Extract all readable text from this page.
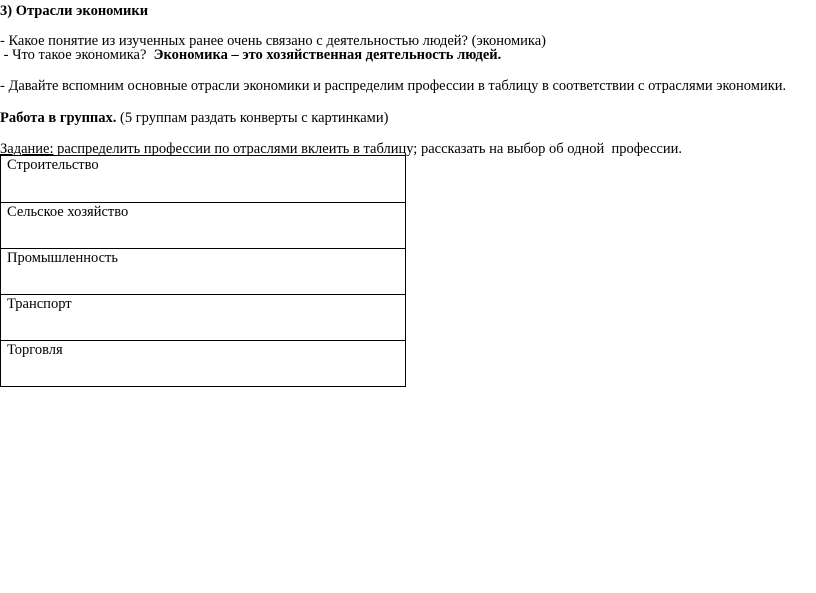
3) Отрасли экономики
- Какое понятие из изученных ранее очень связано с деятельностью людей? (экономика)
- Что такое экономика?  Экономика – это хозяйственная деятельность людей.
- Давайте вспомним основные отрасли экономики и распределим профессии в таблицу в соответствии с отраслями экономики.
Работа в группах. (5 группам раздать конверты с картинками)
Задание: распределить профессии по отраслями вклеить в таблицу; рассказать на выбор об одной  профессии.
Строительство
Сельское хозяйство
Промышленность
Транспорт
Торговля
